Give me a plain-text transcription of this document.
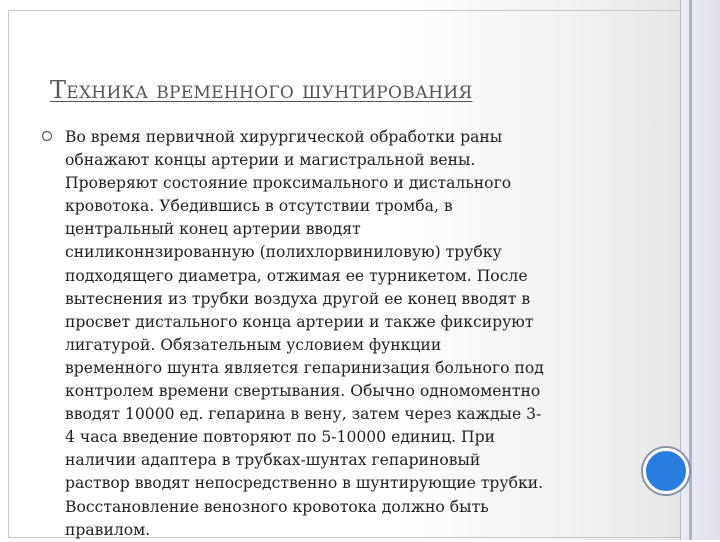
Техника временного шунтирования
Во время первичной хирургической обработки раны
обнажают концы артерии и магистральной вены.
Проверяют состояние проксимального и дистального
кровотока. Убедившись в отсутствии тромба, в
центральный конец артерии вводят
сниликоннзированную (полихлорвиниловую) трубку
подходящего диаметра, отжимая ее турникетом. После
вытеснения из трубки воздуха другой ее конец вводят в
просвет дистального конца артерии и также фиксируют
лигатурой. Обязательным условием функции
временного шунта является гепаринизация больного под
контролем времени свертывания. Обычно одномоментно
вводят 10000 ед. гепарина в вену, затем через каждые 3-
4 часа введение повторяют по 5-10000 единиц. При
наличии адаптера в трубках-шунтах гепариновый
раствор вводят непосредственно в шунтирующие трубки.
Восстановление венозного кровотока должно быть
правилом.
